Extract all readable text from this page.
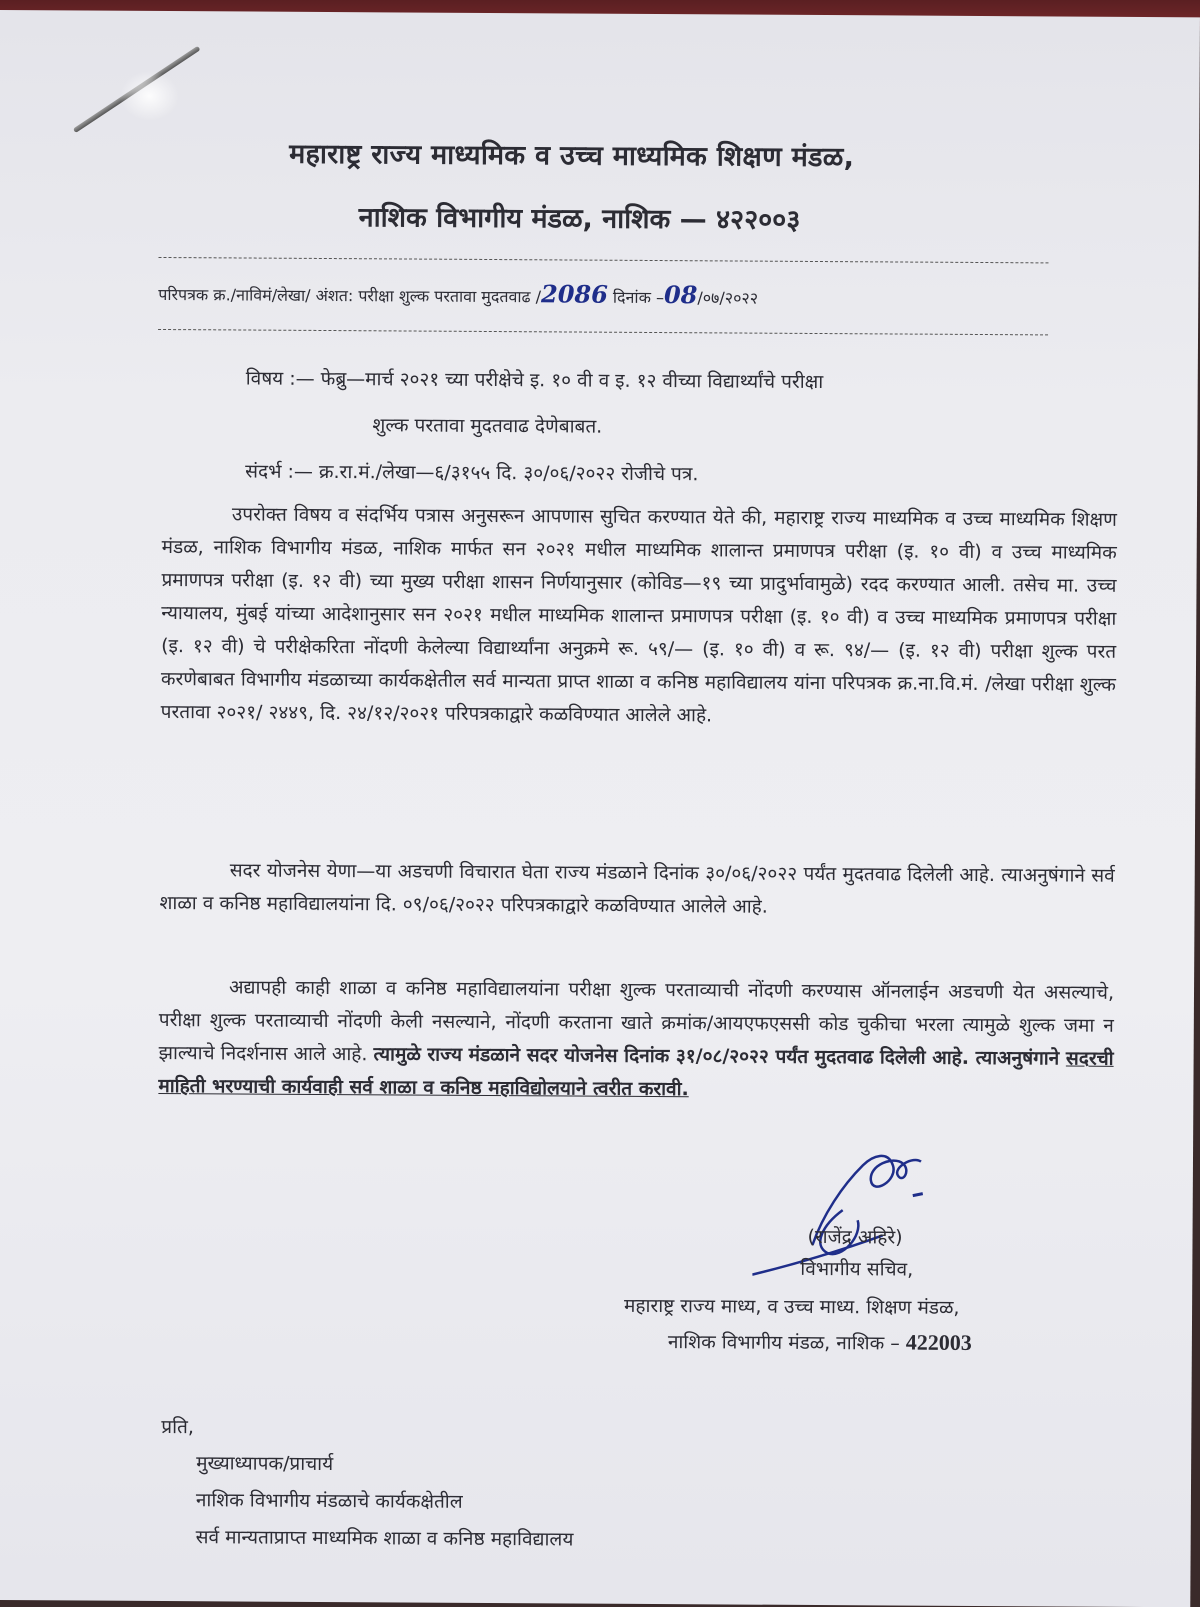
महाराष्ट्र राज्य माध्यमिक व उच्च माध्यमिक शिक्षण मंडळ,
नाशिक विभागीय मंडळ, नाशिक — ४२२००३
परिपत्रक क्र./नाविमं/लेखा/ अंशत: परीक्षा शुल्क परतावा मुदतवाढ /2086 दिनांक –08/०७/२०२२
विषय :— फेब्रु—मार्च २०२१ च्या परीक्षेचे इ. १० वी व इ. १२ वीच्या विद्यार्थ्यांचे परीक्षा
शुल्क परतावा मुदतवाढ देणेबाबत.
संदर्भ :— क्र.रा.मं./लेखा—६/३१५५ दि. ३०/०६/२०२२ रोजीचे पत्र.
उपरोक्त विषय व संदर्भिय पत्रास अनुसरून आपणास सुचित करण्यात येते की, महाराष्ट्र राज्य माध्यमिक व उच्च माध्यमिक शिक्षण मंडळ, नाशिक विभागीय मंडळ, नाशिक मार्फत सन २०२१ मधील माध्यमिक शालान्त प्रमाणपत्र परीक्षा (इ. १० वी) व उच्च माध्यमिक प्रमाणपत्र परीक्षा (इ. १२ वी) च्या मुख्य परीक्षा शासन निर्णयानुसार (कोविड—१९ च्या प्रादुर्भावामुळे) रदद करण्यात आली. तसेच मा. उच्च न्यायालय, मुंबई यांच्या आदेशानुसार सन २०२१ मधील माध्यमिक शालान्त प्रमाणपत्र परीक्षा (इ. १० वी) व उच्च माध्यमिक प्रमाणपत्र परीक्षा (इ. १२ वी) चे परीक्षेकरिता नोंदणी केलेल्या विद्यार्थ्यांना अनुक्रमे रू. ५९/— (इ. १० वी) व रू. ९४/— (इ. १२ वी) परीक्षा शुल्क परत करणेबाबत विभागीय मंडळाच्या कार्यकक्षेतील सर्व मान्यता प्राप्त शाळा व कनिष्ठ महाविद्यालय यांना परिपत्रक क्र.ना.वि.मं. /लेखा परीक्षा शुल्क परतावा २०२१/ २४४९, दि. २४/१२/२०२१ परिपत्रकाद्वारे कळविण्यात आलेले आहे.
सदर योजनेस येणा—या अडचणी विचारात घेता राज्य मंडळाने दिनांक ३०/०६/२०२२ पर्यंत मुदतवाढ दिलेली आहे. त्याअनुषंगाने सर्व शाळा व कनिष्ठ महाविद्यालयांना दि. ०९/०६/२०२२ परिपत्रकाद्वारे कळविण्यात आलेले आहे.
अद्यापही काही शाळा व कनिष्ठ महाविद्यालयांना परीक्षा शुल्क परताव्याची नोंदणी करण्यास ऑनलाईन अडचणी येत असल्याचे, परीक्षा शुल्क परताव्याची नोंदणी केली नसल्याने, नोंदणी करताना खाते क्रमांक/आयएफएससी कोड चुकीचा भरला त्यामुळे शुल्क जमा न झाल्याचे निदर्शनास आले आहे. त्यामुळे राज्य मंडळाने सदर योजनेस दिनांक ३१/०८/२०२२ पर्यंत मुदतवाढ दिलेली आहे. त्याअनुषंगाने सदरची माहिती भरण्याची कार्यवाही सर्व शाळा व कनिष्ठ महाविद्योलयाने त्वरीत करावी.
(राजेंद्र अहिरे)
विभागीय सचिव,
महाराष्ट्र राज्य माध्य, व उच्च माध्य. शिक्षण मंडळ,
नाशिक विभागीय मंडळ, नाशिक – 422003
प्रति,
मुख्याध्यापक/प्राचार्य
नाशिक विभागीय मंडळाचे कार्यकक्षेतील
सर्व मान्यताप्राप्त माध्यमिक शाळा व कनिष्ठ महाविद्यालय
